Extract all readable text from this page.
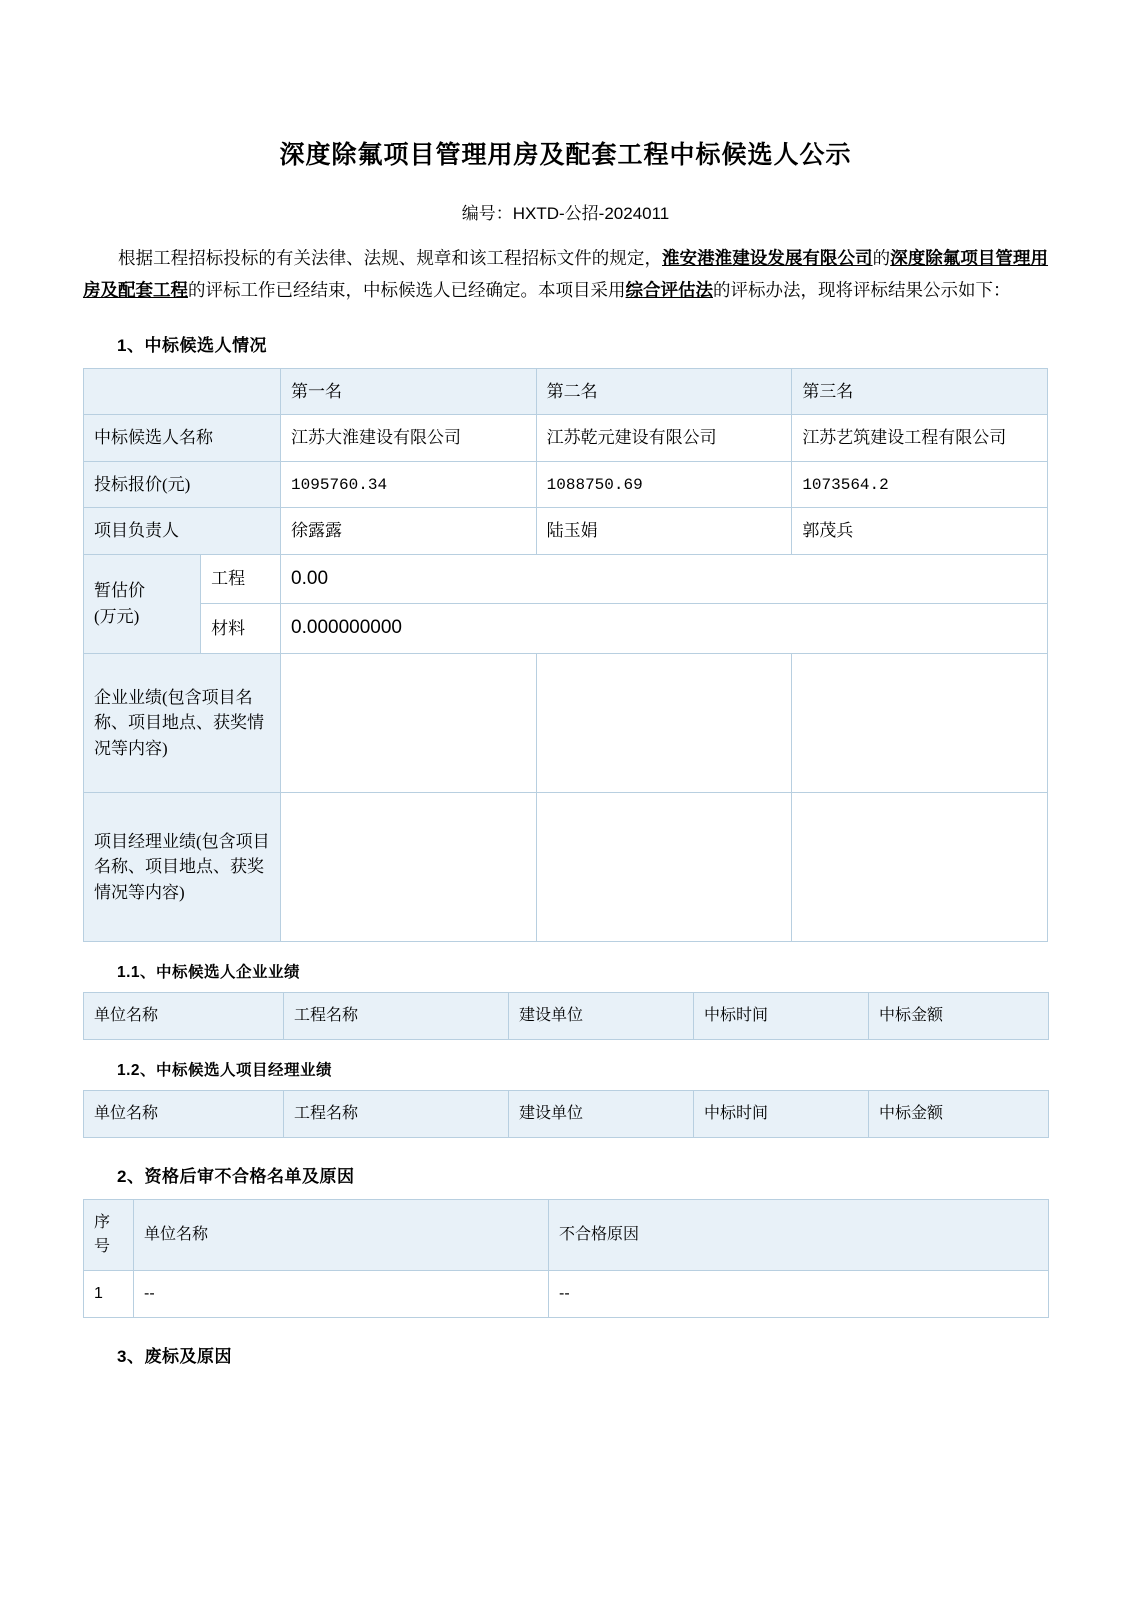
深度除氟项目管理用房及配套工程中标候选人公示
编号：HXTD-公招-2024011

根据工程招标投标的有关法律、法规、规章和该工程招标文件的规定，淮安港淮建设发展有限公司的深度除氟项目管理用房及配套工程的评标工作已经结束，中标候选人已经确定。本项目采用综合评估法的评标办法，现将评标结果公示如下：

1、中标候选人情况
		第一名	第二名	第三名
中标候选人名称		江苏大淮建设有限公司	江苏乾元建设有限公司	江苏艺筑建设工程有限公司
投标报价(元)		1095760.34	1088750.69	1073564.2
项目负责人		徐露露	陆玉娟	郭茂兵

暂估价
(万元)	工程	0.00		
	材料	0.000000000		
企业业绩(包含项目名称、项目地点、获奖情况等内容)				
项目经理业绩(包含项目名称、项目地点、获奖情况等内容)				
1.1、中标候选人企业业绩
单位名称	工程名称	建设单位	中标时间	中标金额
1.2、中标候选人项目经理业绩
单位名称	工程名称	建设单位	中标时间	中标金额
2、资格后审不合格名单及原因
序号	单位名称	不合格原因
1	--	--
3、废标及原因
